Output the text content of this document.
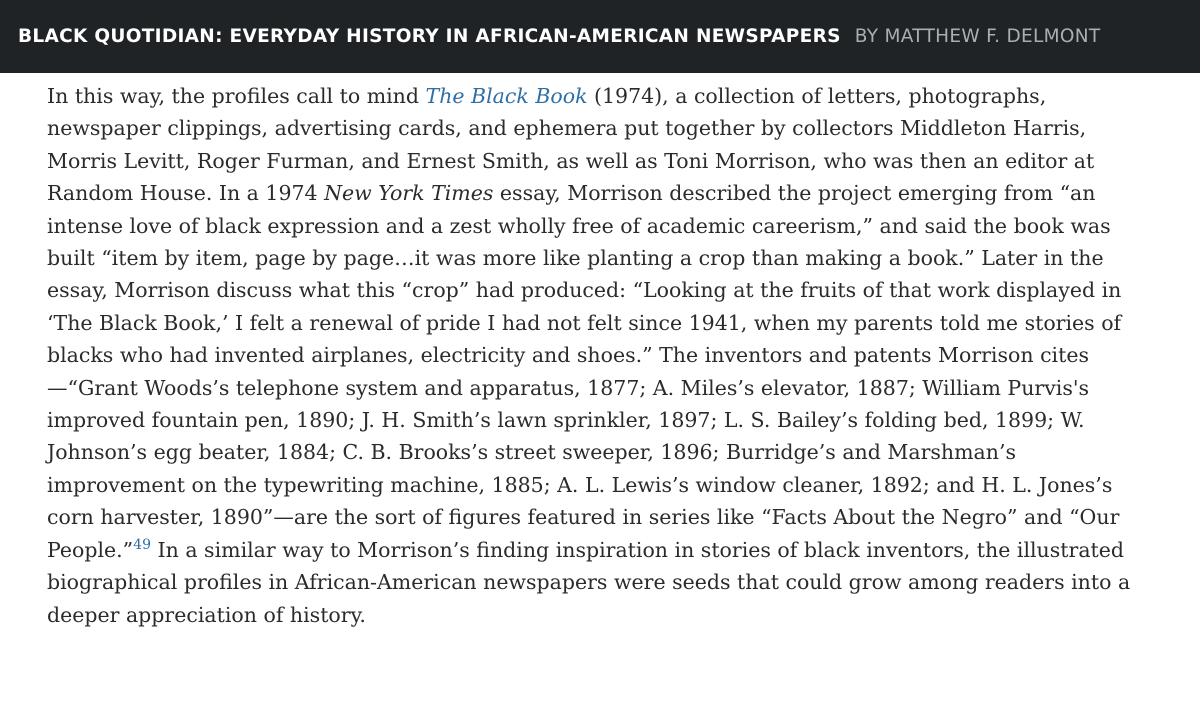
BLACK QUOTIDIAN: EVERYDAY HISTORY IN AFRICAN-AMERICAN NEWSPAPERS BY MATTHEW F. DELMONT

In this way, the profiles call to mind The Black Book (1974), a collection of letters, photographs, newspaper clippings, advertising cards, and ephemera put together by collectors Middleton Harris, Morris Levitt, Roger Furman, and Ernest Smith, as well as Toni Morrison, who was then an editor at Random House. In a 1974 New York Times essay, Morrison described the project emerging from “an intense love of black expression and a zest wholly free of academic careerism,” and said the book was built “item by item, page by page…it was more like planting a crop than making a book.” Later in the essay, Morrison discuss what this “crop” had produced: “Looking at the fruits of that work displayed in ‘The Black Book,’ I felt a renewal of pride I had not felt since 1941, when my parents told me stories of blacks who had invented airplanes, electricity and shoes.” The inventors and patents Morrison cites—“Grant Woods’s telephone system and apparatus, 1877; A. Miles’s elevator, 1887; William Purvis's improved fountain pen, 1890; J. H. Smith’s lawn sprinkler, 1897; L. S. Bailey’s folding bed, 1899; W. Johnson’s egg beater, 1884; C. B. Brooks’s street sweeper, 1896; Burridge’s and Marshman’s improvement on the typewriting machine, 1885; A. L. Lewis’s window cleaner, 1892; and H. L. Jones’s corn harvester, 1890”—are the sort of figures featured in series like “Facts About the Negro” and “Our People.”$^{49}$ In a similar way to Morrison’s finding inspiration in stories of black inventors, the illustrated biographical profiles in African-American newspapers were seeds that could grow among readers into a deeper appreciation of history.
